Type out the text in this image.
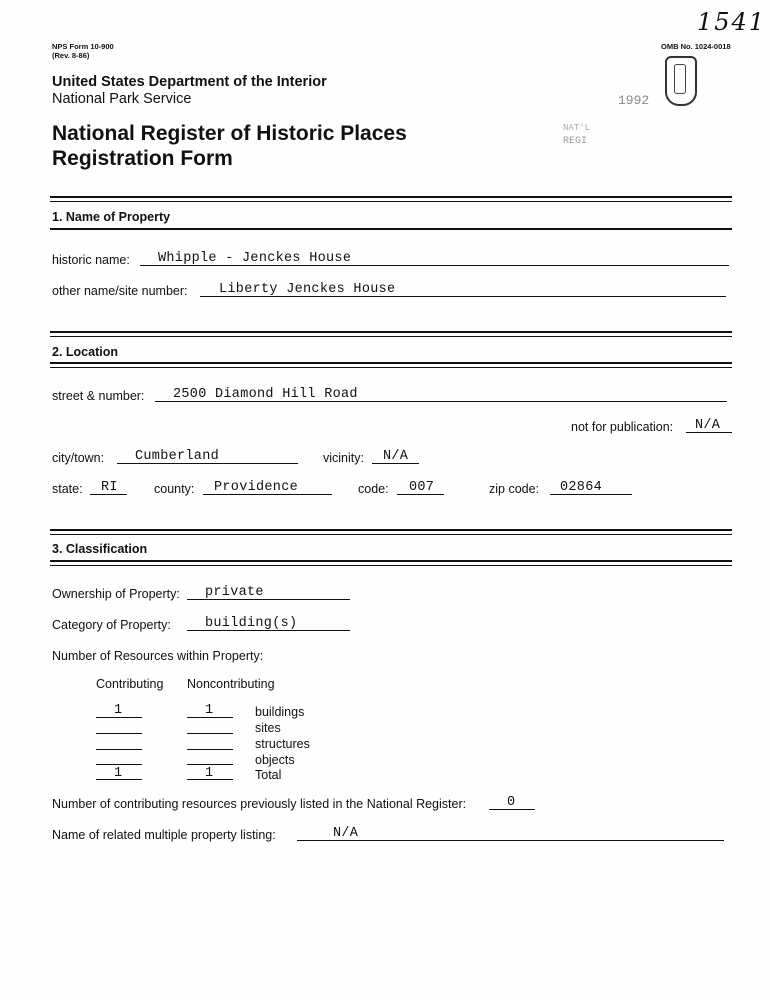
1541
NPS Form 10-900
(Rev. 8-86)
OMB No. 1024-0018
1992
NAT'L
REGI
United States Department of the Interior
National Park Service
National Register of Historic Places
Registration Form
1. Name of Property
historic name: Whipple - Jenckes House
other name/site number: Liberty Jenckes House
2. Location
street & number: 2500 Diamond Hill Road
not for publication: N/A
city/town: Cumberland	vicinity: N/A
state: RI	county: Providence	code: 007	zip code: 02864
3. Classification
Ownership of Property: private
Category of Property:	building(s)
Number of Resources within Property:
Contributing Noncontributing
1	1	buildings
sites
structures
objects
1	1	Total
Number of contributing resources previously listed in the National Register:	0
Name of related multiple property listing:	N/A
